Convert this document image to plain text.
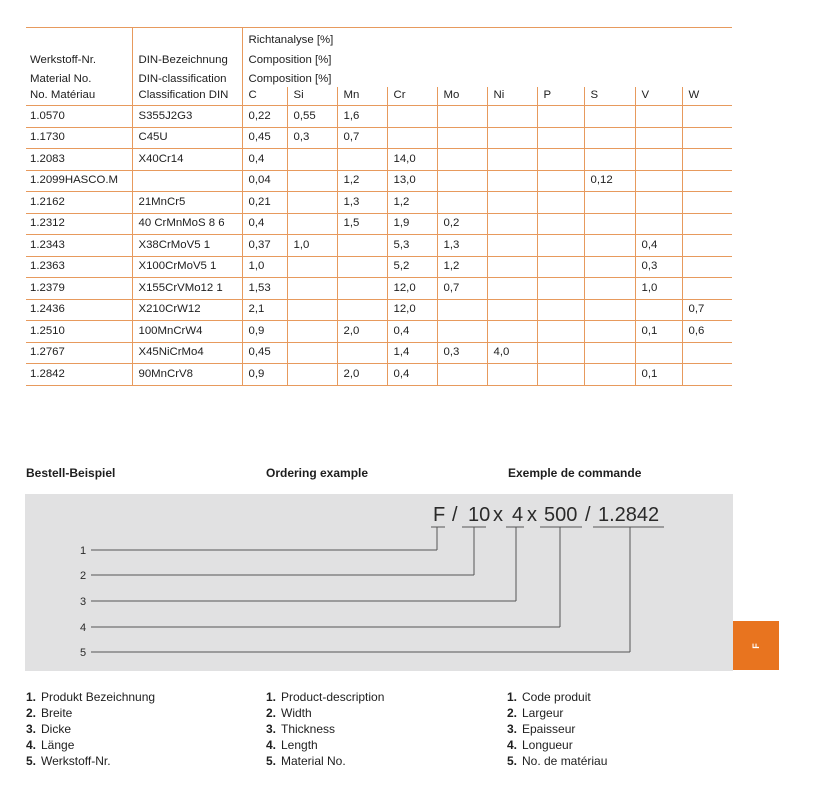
		Richtanalyse [%]									
Werkstoff-Nr.	DIN-Bezeichnung	Composition [%]									
Material No.	DIN-classification	Composition [%]									
No. Matériau	Classification DIN	C	Si	Mn	Cr	Mo	Ni	P	S	V	W
1.0570	S355J2G3	0,22	0,55	1,6							
1.1730	C45U	0,45	0,3	0,7							
1.2083	X40Cr14	0,4			14,0						
1.2099HASCO.M		0,04		1,2	13,0				0,12		
1.2162	21MnCr5	0,21		1,3	1,2						
1.2312	40 CrMnMoS 8 6	0,4		1,5	1,9	0,2					
1.2343	X38CrMoV5 1	0,37	1,0		5,3	1,3				0,4	
1.2363	X100CrMoV5 1	1,0			5,2	1,2				0,3	
1.2379	X155CrVMo12 1	1,53			12,0	0,7				1,0	
1.2436	X210CrW12	2,1			12,0						0,7
1.2510	100MnCrW4	0,9		2,0	0,4					0,1	0,6
1.2767	X45NiCrMo4	0,45			1,4	0,3	4,0				
1.2842	90MnCrV8	0,9		2,0	0,4					0,1	
Bestell-Beispiel	Ordering example	Exemple de commande
F / 10 x 4 x 500 / 1.2842
1
2
3
4
5
F
1. Produkt Bezeichnung
2. Breite
3. Dicke
4. Länge
5. Werkstoff-Nr.
1. Product-description
2. Width
3. Thickness
4. Length
5. Material No.
1. Code produit
2. Largeur
3. Epaisseur
4. Longueur
5. No. de matériau
